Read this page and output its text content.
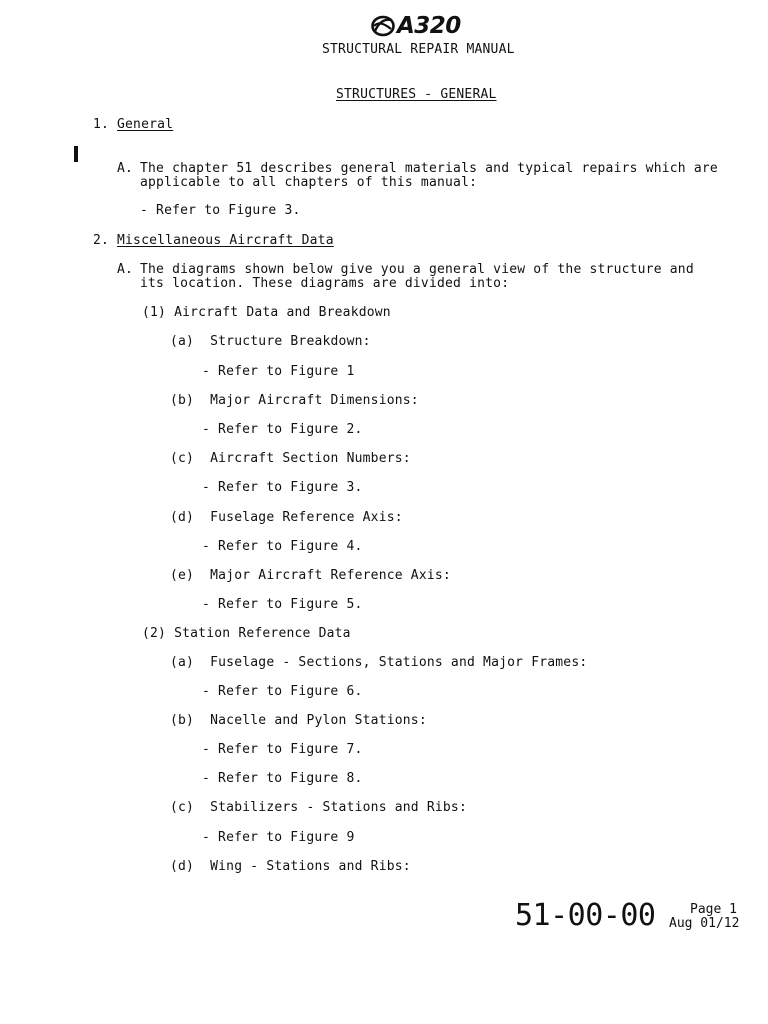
A320
STRUCTURAL REPAIR MANUAL
STRUCTURES - GENERAL
1. General
A. The chapter 51 describes general materials and typical repairs which are
applicable to all chapters of this manual:
- Refer to Figure 3.
2. Miscellaneous Aircraft Data
A. The diagrams shown below give you a general view of the structure and
its location. These diagrams are divided into:
(1) Aircraft Data and Breakdown
(a)  Structure Breakdown:
- Refer to Figure 1
(b)  Major Aircraft Dimensions:
- Refer to Figure 2.
(c)  Aircraft Section Numbers:
- Refer to Figure 3.
(d)  Fuselage Reference Axis:
- Refer to Figure 4.
(e)  Major Aircraft Reference Axis:
- Refer to Figure 5.
(2) Station Reference Data
(a)  Fuselage - Sections, Stations and Major Frames:
- Refer to Figure 6.
(b)  Nacelle and Pylon Stations:
- Refer to Figure 7.
- Refer to Figure 8.
(c)  Stabilizers - Stations and Ribs:
- Refer to Figure 9
(d)  Wing - Stations and Ribs:
51-00-00	Page 1
Aug 01/12
